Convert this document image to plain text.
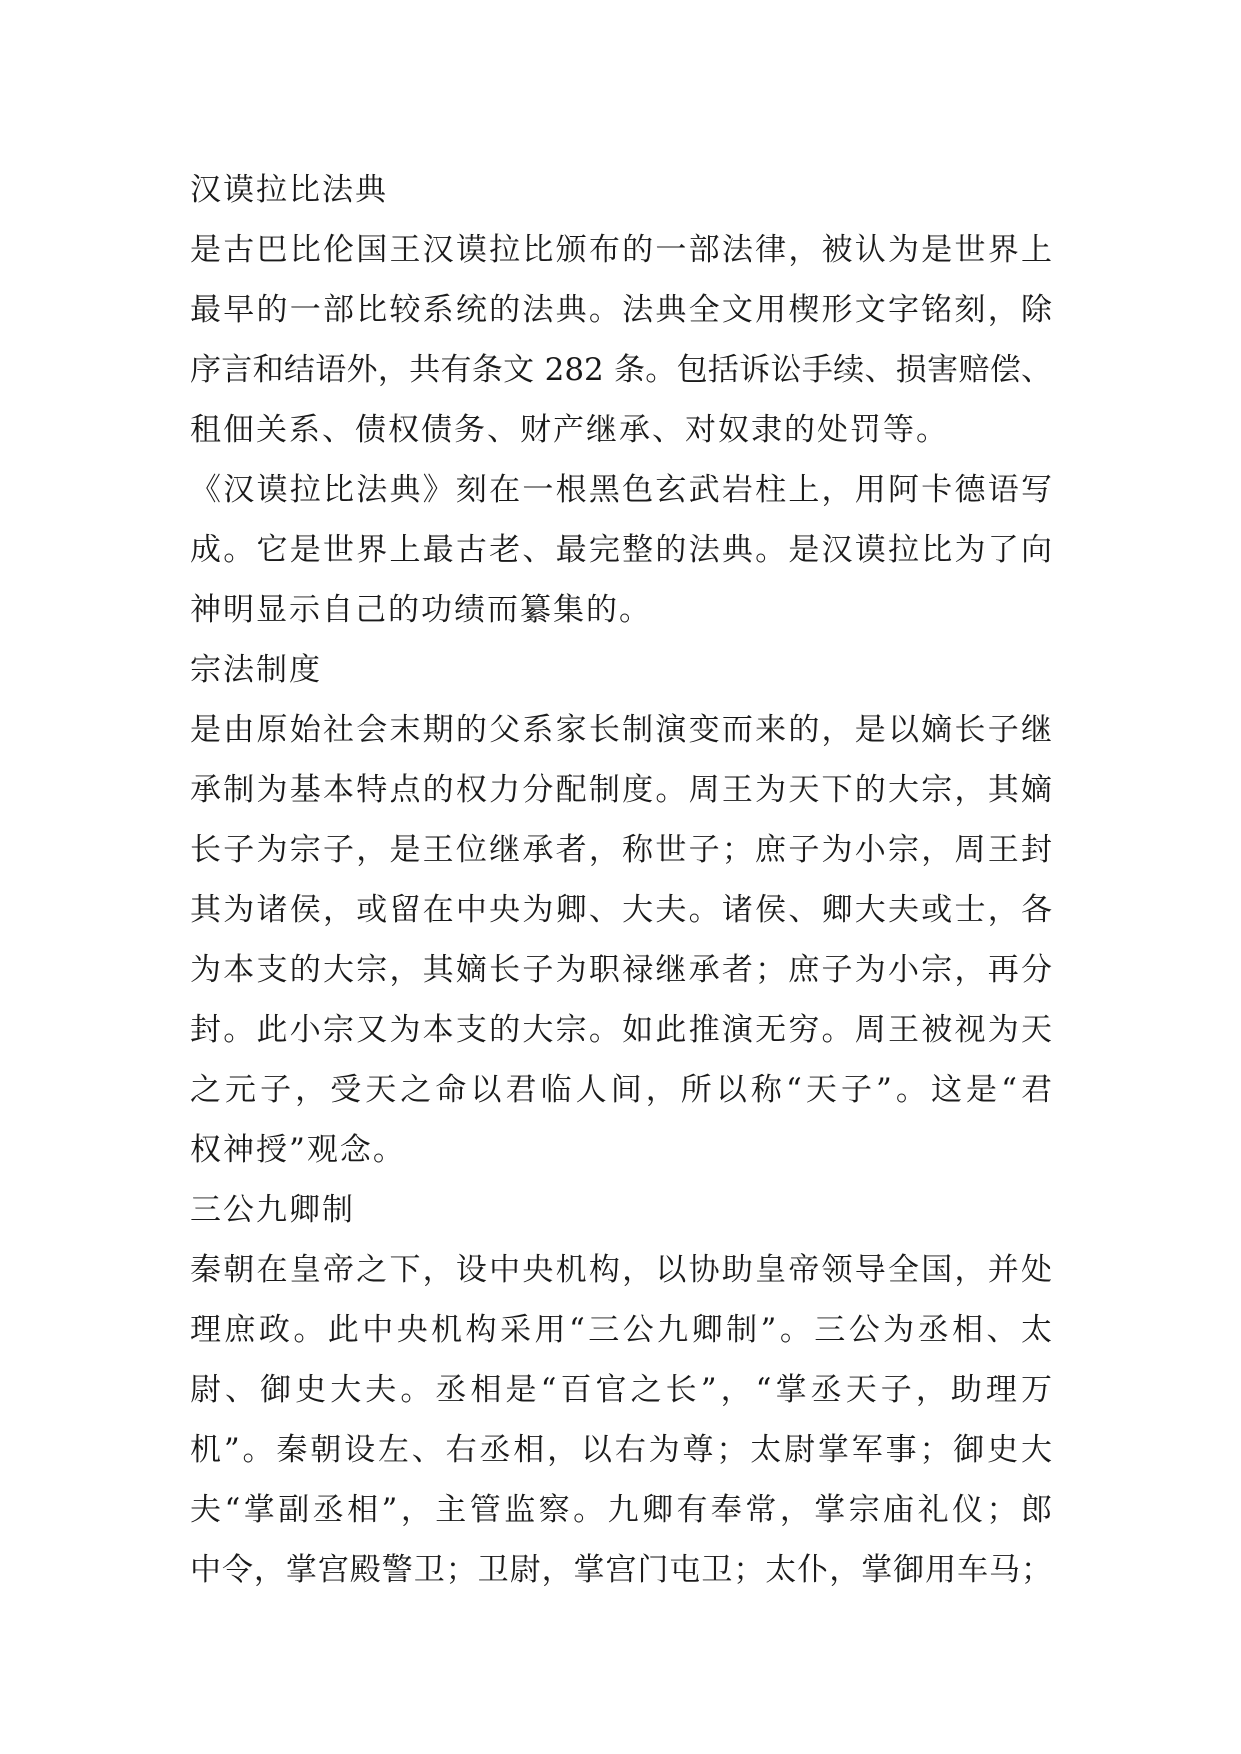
汉谟拉比法典
是古巴比伦国王汉谟拉比颁布的一部法律，被认为是世界上
最早的一部比较系统的法典。法典全文用楔形文字铭刻，除
序言和结语外，共有条文 282 条。包括诉讼手续、损害赔偿、
租佃关系、债权债务、财产继承、对奴隶的处罚等。
《汉谟拉比法典》刻在一根黑色玄武岩柱上，用阿卡德语写
成。它是世界上最古老、最完整的法典。是汉谟拉比为了向
神明显示自己的功绩而纂集的。
宗法制度
是由原始社会末期的父系家长制演变而来的，是以嫡长子继
承制为基本特点的权力分配制度。周王为天下的大宗，其嫡
长子为宗子，是王位继承者，称世子；庶子为小宗，周王封
其为诸侯，或留在中央为卿、大夫。诸侯、卿大夫或士，各
为本支的大宗，其嫡长子为职禄继承者；庶子为小宗，再分
封。此小宗又为本支的大宗。如此推演无穷。周王被视为天
之元子，受天之命以君临人间，所以称“天子”。这是“君
权神授”观念。
三公九卿制
秦朝在皇帝之下，设中央机构，以协助皇帝领导全国，并处
理庶政。此中央机构采用“三公九卿制”。三公为丞相、太
尉、御史大夫。丞相是“百官之长”，“掌丞天子，助理万
机”。秦朝设左、右丞相，以右为尊；太尉掌军事；御史大
夫“掌副丞相”，主管监察。九卿有奉常，掌宗庙礼仪；郎
中令，掌宫殿警卫；卫尉，掌宫门屯卫；太仆，掌御用车马；
